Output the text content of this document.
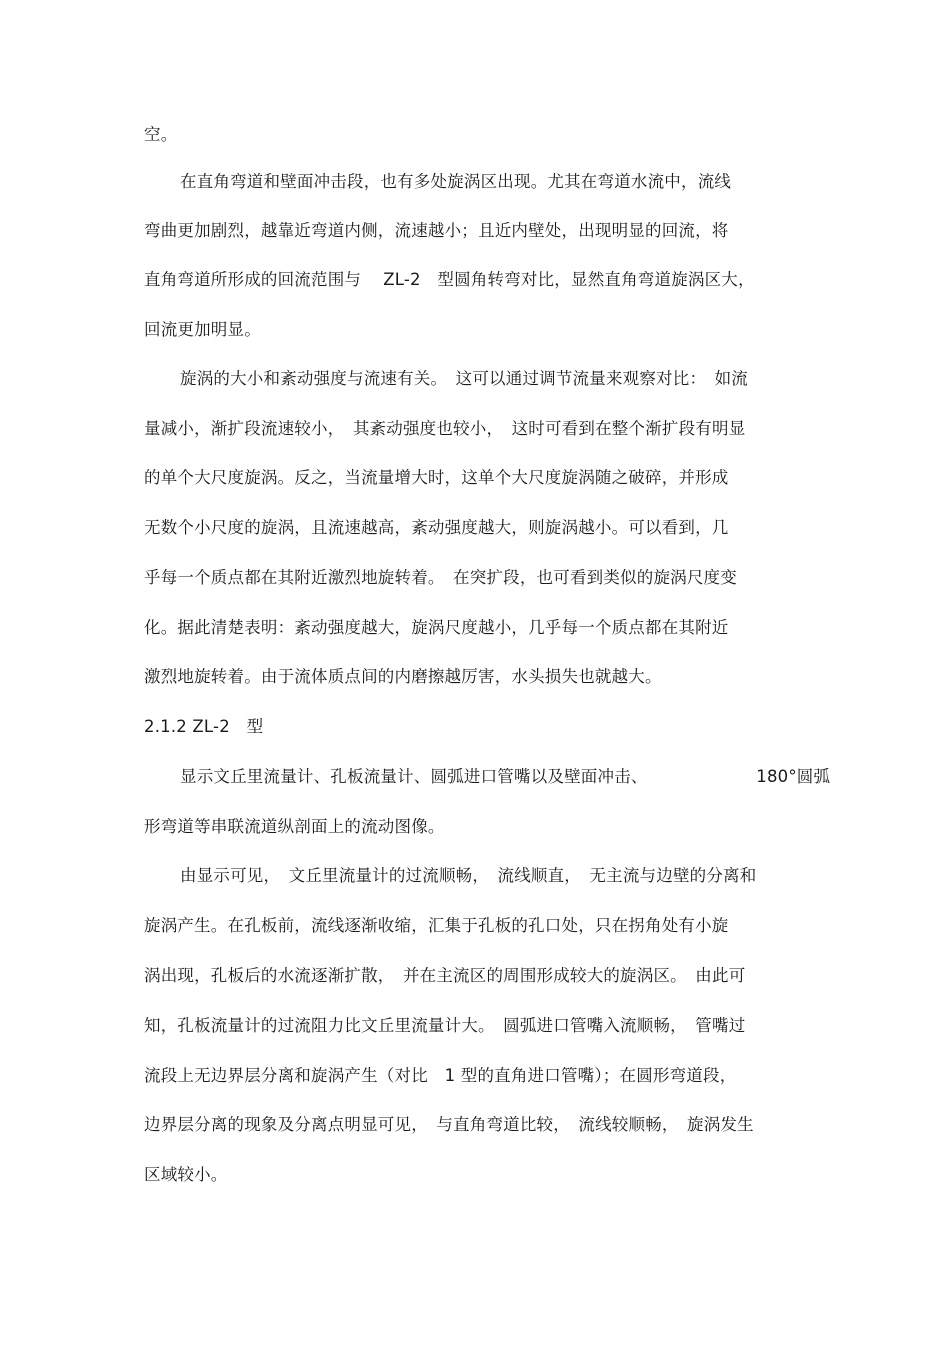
空。
在直角弯道和壁面冲击段，也有多处旋涡区出现。尤其在弯道水流中，流线
弯曲更加剧烈，越靠近弯道内侧，流速越小；且近内壁处，出现明显的回流，将
直角弯道所形成的回流范围与　 ZL-2　型圆角转弯对比，显然直角弯道旋涡区大，
回流更加明显。
旋涡的大小和紊动强度与流速有关。　这可以通过调节流量来观察对比：　如流
量减小，渐扩段流速较小，　其紊动强度也较小，　这时可看到在整个渐扩段有明显
的单个大尺度旋涡。反之，当流量增大时，这单个大尺度旋涡随之破碎，并形成
无数个小尺度的旋涡，且流速越高，紊动强度越大，则旋涡越小。可以看到，几
乎每一个质点都在其附近激烈地旋转着。　在突扩段，也可看到类似的旋涡尺度变
化。据此清楚表明：紊动强度越大，旋涡尺度越小，几乎每一个质点都在其附近
激烈地旋转着。由于流体质点间的内磨擦越厉害，水头损失也就越大。
2.1.2 ZL-2　型
显示文丘里流量计、孔板流量计、圆弧进口管嘴以及壁面冲击、　　　　　　　180°圆弧
形弯道等串联流道纵剖面上的流动图像。
由显示可见，　文丘里流量计的过流顺畅，　流线顺直，　无主流与边壁的分离和
旋涡产生。在孔板前，流线逐渐收缩，汇集于孔板的孔口处，只在拐角处有小旋
涡出现，孔板后的水流逐渐扩散，　并在主流区的周围形成较大的旋涡区。　由此可
知，孔板流量计的过流阻力比文丘里流量计大。　圆弧进口管嘴入流顺畅，　管嘴过
流段上无边界层分离和旋涡产生（对比　1 型的直角进口管嘴）；在圆形弯道段，
边界层分离的现象及分离点明显可见，　与直角弯道比较，　流线较顺畅，　旋涡发生
区域较小。
